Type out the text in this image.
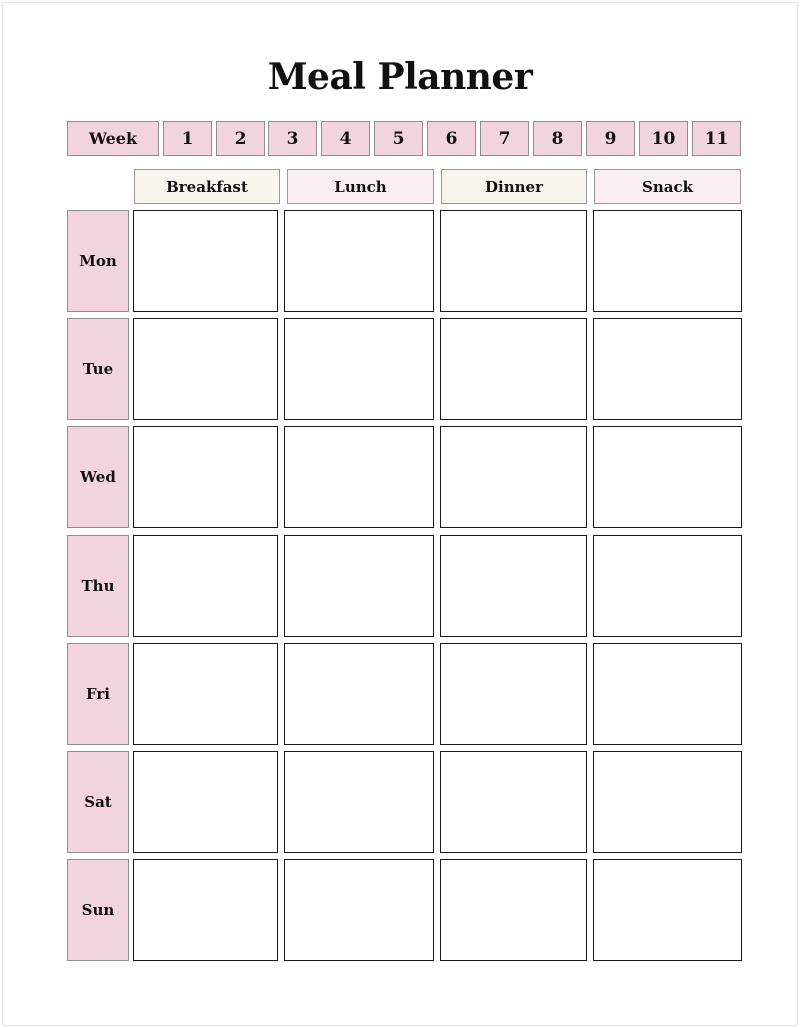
Meal Planner
Week	1	2	3	4	5	6	7	8	9	10	11
Breakfast	Lunch	Dinner	Snack
Mon
Tue
Wed
Thu
Fri
Sat
Sun
